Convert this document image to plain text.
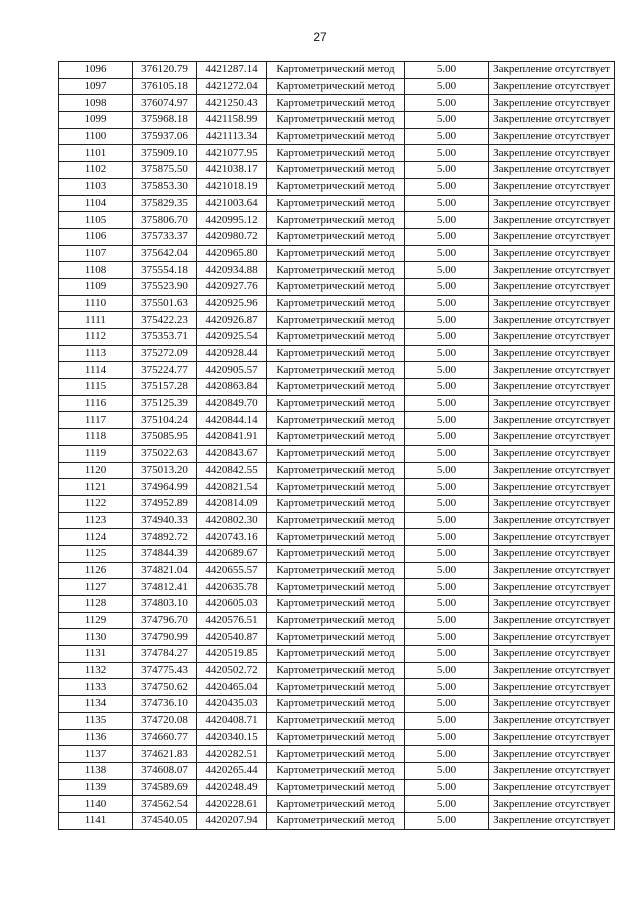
27
1096	376120.79	4421287.14	Картометрический метод	5.00	Закрепление отсутствует
1097	376105.18	4421272.04	Картометрический метод	5.00	Закрепление отсутствует
1098	376074.97	4421250.43	Картометрический метод	5.00	Закрепление отсутствует
1099	375968.18	4421158.99	Картометрический метод	5.00	Закрепление отсутствует
1100	375937.06	4421113.34	Картометрический метод	5.00	Закрепление отсутствует
1101	375909.10	4421077.95	Картометрический метод	5.00	Закрепление отсутствует
1102	375875.50	4421038.17	Картометрический метод	5.00	Закрепление отсутствует
1103	375853.30	4421018.19	Картометрический метод	5.00	Закрепление отсутствует
1104	375829.35	4421003.64	Картометрический метод	5.00	Закрепление отсутствует
1105	375806.70	4420995.12	Картометрический метод	5.00	Закрепление отсутствует
1106	375733.37	4420980.72	Картометрический метод	5.00	Закрепление отсутствует
1107	375642.04	4420965.80	Картометрический метод	5.00	Закрепление отсутствует
1108	375554.18	4420934.88	Картометрический метод	5.00	Закрепление отсутствует
1109	375523.90	4420927.76	Картометрический метод	5.00	Закрепление отсутствует
1110	375501.63	4420925.96	Картометрический метод	5.00	Закрепление отсутствует
1111	375422.23	4420926.87	Картометрический метод	5.00	Закрепление отсутствует
1112	375353.71	4420925.54	Картометрический метод	5.00	Закрепление отсутствует
1113	375272.09	4420928.44	Картометрический метод	5.00	Закрепление отсутствует
1114	375224.77	4420905.57	Картометрический метод	5.00	Закрепление отсутствует
1115	375157.28	4420863.84	Картометрический метод	5.00	Закрепление отсутствует
1116	375125.39	4420849.70	Картометрический метод	5.00	Закрепление отсутствует
1117	375104.24	4420844.14	Картометрический метод	5.00	Закрепление отсутствует
1118	375085.95	4420841.91	Картометрический метод	5.00	Закрепление отсутствует
1119	375022.63	4420843.67	Картометрический метод	5.00	Закрепление отсутствует
1120	375013.20	4420842.55	Картометрический метод	5.00	Закрепление отсутствует
1121	374964.99	4420821.54	Картометрический метод	5.00	Закрепление отсутствует
1122	374952.89	4420814.09	Картометрический метод	5.00	Закрепление отсутствует
1123	374940.33	4420802.30	Картометрический метод	5.00	Закрепление отсутствует
1124	374892.72	4420743.16	Картометрический метод	5.00	Закрепление отсутствует
1125	374844.39	4420689.67	Картометрический метод	5.00	Закрепление отсутствует
1126	374821.04	4420655.57	Картометрический метод	5.00	Закрепление отсутствует
1127	374812.41	4420635.78	Картометрический метод	5.00	Закрепление отсутствует
1128	374803.10	4420605.03	Картометрический метод	5.00	Закрепление отсутствует
1129	374796.70	4420576.51	Картометрический метод	5.00	Закрепление отсутствует
1130	374790.99	4420540.87	Картометрический метод	5.00	Закрепление отсутствует
1131	374784.27	4420519.85	Картометрический метод	5.00	Закрепление отсутствует
1132	374775.43	4420502.72	Картометрический метод	5.00	Закрепление отсутствует
1133	374750.62	4420465.04	Картометрический метод	5.00	Закрепление отсутствует
1134	374736.10	4420435.03	Картометрический метод	5.00	Закрепление отсутствует
1135	374720.08	4420408.71	Картометрический метод	5.00	Закрепление отсутствует
1136	374660.77	4420340.15	Картометрический метод	5.00	Закрепление отсутствует
1137	374621.83	4420282.51	Картометрический метод	5.00	Закрепление отсутствует
1138	374608.07	4420265.44	Картометрический метод	5.00	Закрепление отсутствует
1139	374589.69	4420248.49	Картометрический метод	5.00	Закрепление отсутствует
1140	374562.54	4420228.61	Картометрический метод	5.00	Закрепление отсутствует
1141	374540.05	4420207.94	Картометрический метод	5.00	Закрепление отсутствует
